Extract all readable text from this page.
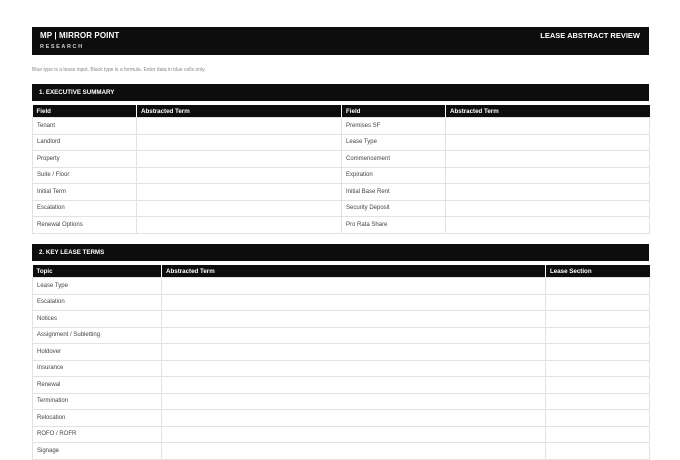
MP | MIRROR POINT
RESEARCH
LEASE ABSTRACT REVIEW
Blue type is a lease input. Black type is a formula. Enter data in blue cells only.
1. EXECUTIVE SUMMARY
Field	Abstracted Term	Field	Abstracted Term
Tenant		Premises SF	
Landlord		Lease Type	
Property		Commencement	
Suite / Floor		Expiration	
Initial Term		Initial Base Rent	
Escalation		Security Deposit	
Renewal Options		Pro Rata Share	
2. KEY LEASE TERMS
Topic	Abstracted Term	Lease Section
Lease Type		
Escalation		
Notices		
Assignment / Subletting		
Holdover		
Insurance		
Renewal		
Termination		
Relocation		
ROFO / ROFR		
Signage		
